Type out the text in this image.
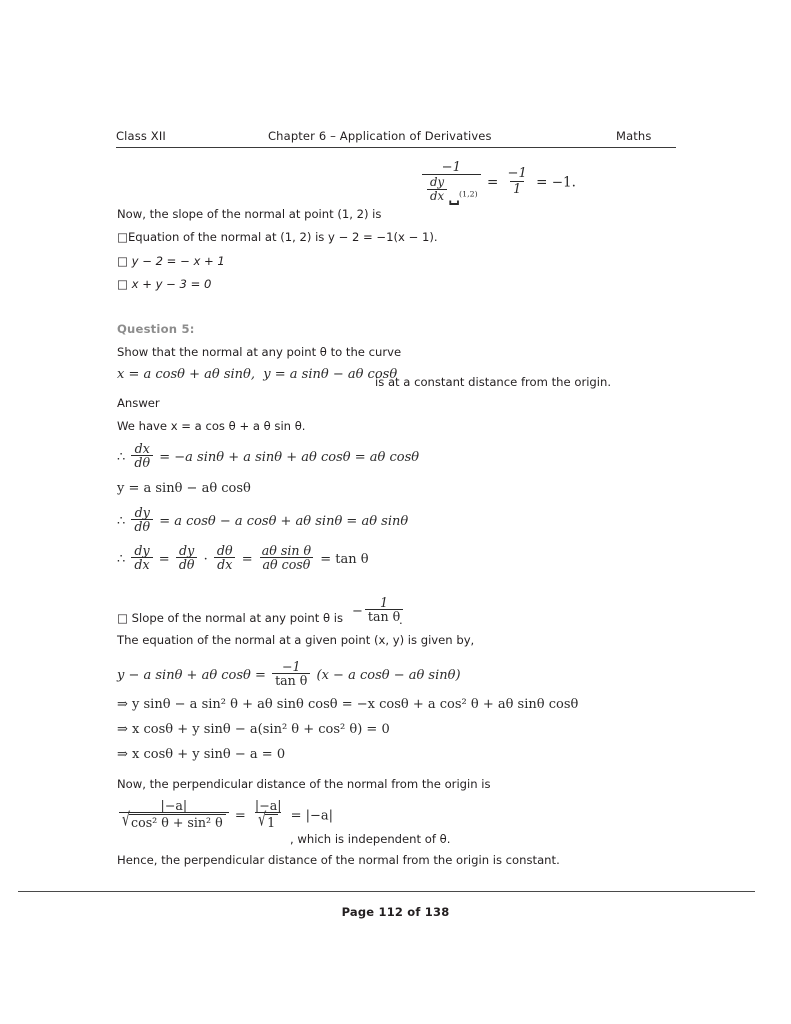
Class XII	Chapter 6 – Application of Derivatives	Maths
$\frac{-1}{\frac{dy}{dx} ⎵_{(1,2)}} = \frac{-1}{1} = -1$.
Now, the slope of the normal at point (1, 2) is
□Equation of the normal at (1, 2) is y − 2 = −1(x − 1).
□ y − 2 = − x + 1
□ x + y − 3 = 0
Question 5:
Show that the normal at any point θ to the curve
x = a cosθ + aθ sinθ, y = a sinθ − aθ cosθ
is at a constant distance from the origin.
Answer
We have x = a cos θ + a θ sin θ.
∴ $\frac{dx}{d\theta} = -a$ sinθ + a sinθ + aθ cosθ = aθ cosθ
y = a sinθ − aθ cosθ
∴ $\frac{dy}{d\theta} = a$ cosθ − a cosθ + aθ sinθ = aθ sinθ
∴ $\frac{dy}{dx} = \frac{dy}{d\theta} \cdot \frac{d\theta}{dx} = \frac{\text{aθ sin θ}}{\text{aθ cosθ}} = \tan \theta$
□ Slope of the normal at any point θ is − $\frac{1}{\text{tan θ}}$
.
The equation of the normal at a given point (x, y) is given by,
y − a sinθ + aθ $\cos\theta = \frac{-1}{\text{tan θ}} (x - a$ cosθ − aθ sinθ)
⇒ y sinθ − a sin² θ + aθ sinθ cosθ = −x cosθ + a cos² θ + aθ sinθ cosθ
⇒ x cosθ + y sinθ − a(sin² θ + cos² θ) = 0
⇒ x cosθ + y sinθ − a = 0
Now, the perpendicular distance of the normal from the origin is
$\frac{|-a|}{\text{√ cos² θ + sin² θ}} = \frac{|-a|}{√ 1} = |-a|$
, which is independent of θ.
Hence, the perpendicular distance of the normal from the origin is constant.
Page 112 of 138
